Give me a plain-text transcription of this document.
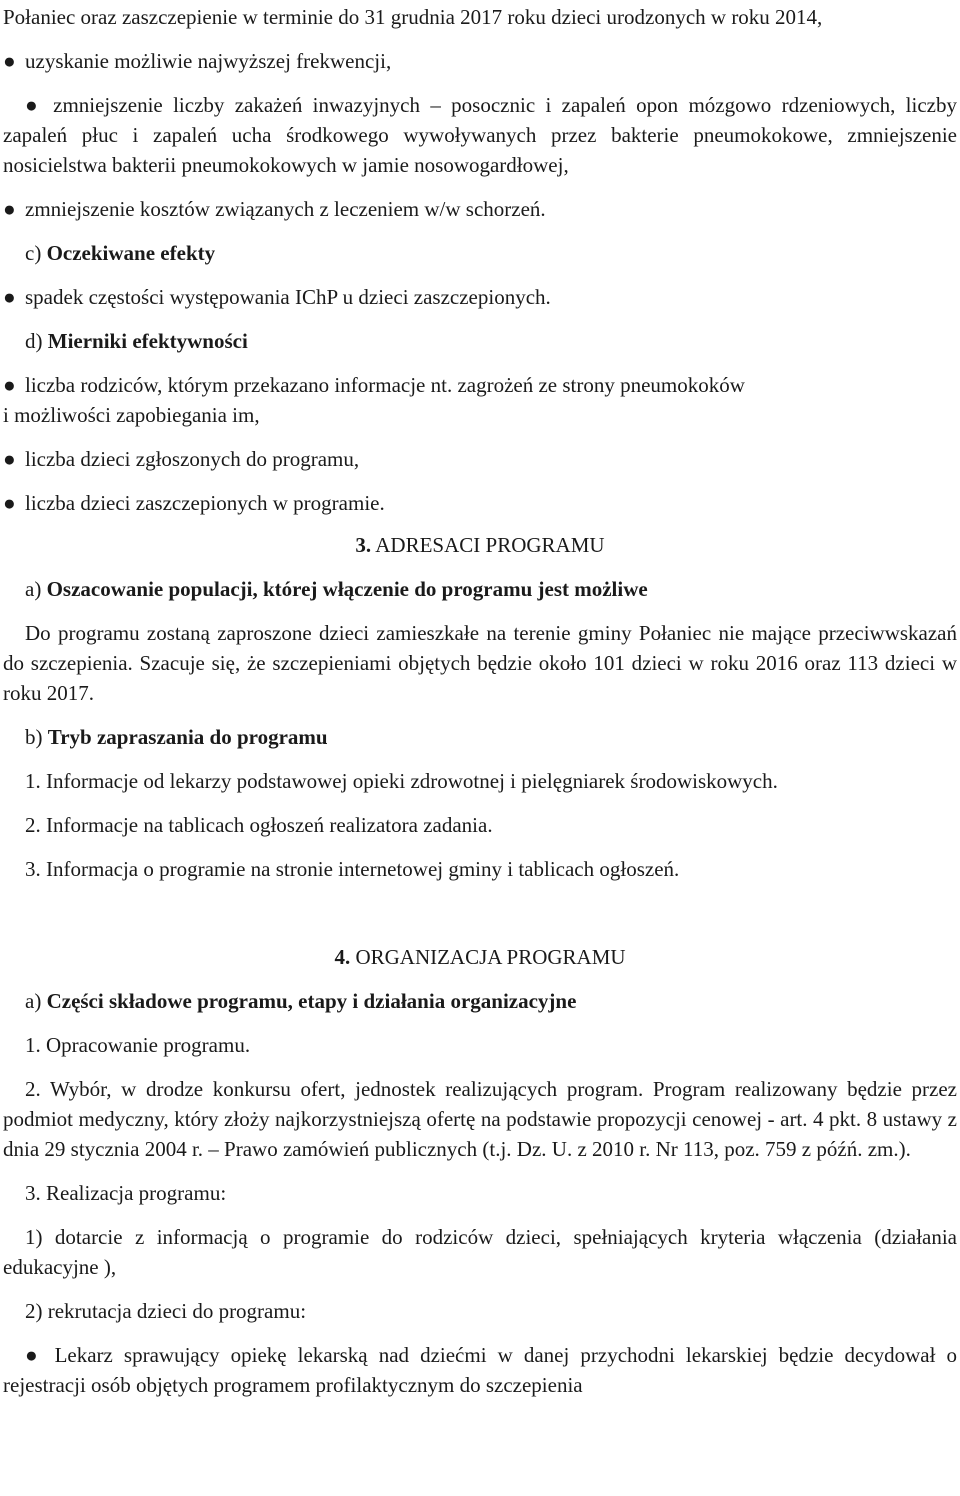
Połaniec oraz zaszczepienie w terminie do 31 grudnia 2017 roku dzieci urodzonych w roku 2014,

● uzyskanie możliwie najwyższej frekwencji,

● zmniejszenie liczby zakażeń inwazyjnych – posocznic i zapaleń opon mózgowo rdzeniowych, liczby zapaleń płuc i zapaleń ucha środkowego wywoływanych przez bakterie pneumokokowe, zmniejszenie nosicielstwa bakterii pneumokokowych w jamie nosowogardłowej,

● zmniejszenie kosztów związanych z leczeniem w/w schorzeń.

c) Oczekiwane efekty

● spadek częstości występowania IChP u dzieci zaszczepionych.

d) Mierniki efektywności

● liczba rodziców, którym przekazano informacje nt. zagrożeń ze strony pneumokoków
i możliwości zapobiegania im,

● liczba dzieci zgłoszonych do programu,

● liczba dzieci zaszczepionych w programie.

3. ADRESACI PROGRAMU

a) Oszacowanie populacji, której włączenie do programu jest możliwe

Do programu zostaną zaproszone dzieci zamieszkałe na terenie gminy Połaniec nie mające przeciwwskazań do szczepienia. Szacuje się, że szczepieniami objętych będzie około 101 dzieci w roku 2016 oraz 113 dzieci w roku 2017.

b) Tryb zapraszania do programu

1. Informacje od lekarzy podstawowej opieki zdrowotnej i pielęgniarek środowiskowych.

2. Informacje na tablicach ogłoszeń realizatora zadania.

3. Informacja o programie na stronie internetowej gminy i tablicach ogłoszeń.

4. ORGANIZACJA PROGRAMU

a) Części składowe programu, etapy i działania organizacyjne

1. Opracowanie programu.

2. Wybór, w drodze konkursu ofert, jednostek realizujących program. Program realizowany będzie przez podmiot medyczny, który złoży najkorzystniejszą ofertę na podstawie propozycji cenowej - art. 4 pkt. 8 ustawy z dnia 29 stycznia 2004 r. – Prawo zamówień publicznych (t.j. Dz. U. z 2010 r. Nr 113, poz. 759 z późń. zm.).

3. Realizacja programu:

1) dotarcie z informacją o programie do rodziców dzieci, spełniających kryteria włączenia (działania edukacyjne ),

2) rekrutacja dzieci do programu:

● Lekarz sprawujący opiekę lekarską nad dziećmi w danej przychodni lekarskiej będzie decydował o rejestracji osób objętych programem profilaktycznym do szczepienia
